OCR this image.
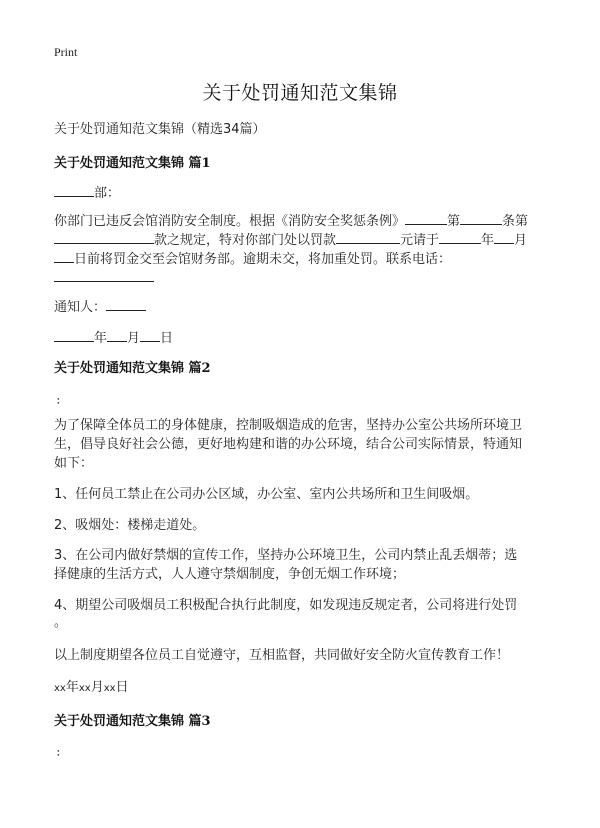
Print
关于处罚通知范文集锦
关于处罚通知范文集锦（精选34篇）
关于处罚通知范文集锦 篇1
部：
你部门已违反会馆消防安全制度。根据《消防安全奖惩条例》	第	条第
款之规定，特对你部门处以罚款	元请于	年 月
日前将罚金交至会馆财务部。逾期未交，将加重处罚。联系电话：
通知人：
年 月 日
关于处罚通知范文集锦 篇2
：
为了保障全体员工的身体健康，控制吸烟造成的危害，坚持办公室公共场所环境卫
生，倡导良好社会公德，更好地构建和谐的办公环境，结合公司实际情景，特通知
如下：
1、任何员工禁止在公司办公区域，办公室、室内公共场所和卫生间吸烟。
2、吸烟处：楼梯走道处。
3、在公司内做好禁烟的宣传工作，坚持办公环境卫生，公司内禁止乱丢烟蒂；选
择健康的生活方式，人人遵守禁烟制度，争创无烟工作环境；
4、期望公司吸烟员工积极配合执行此制度，如发现违反规定者，公司将进行处罚
。
以上制度期望各位员工自觉遵守，互相监督，共同做好安全防火宣传教育工作！
xx年xx月xx日
关于处罚通知范文集锦 篇3
：
